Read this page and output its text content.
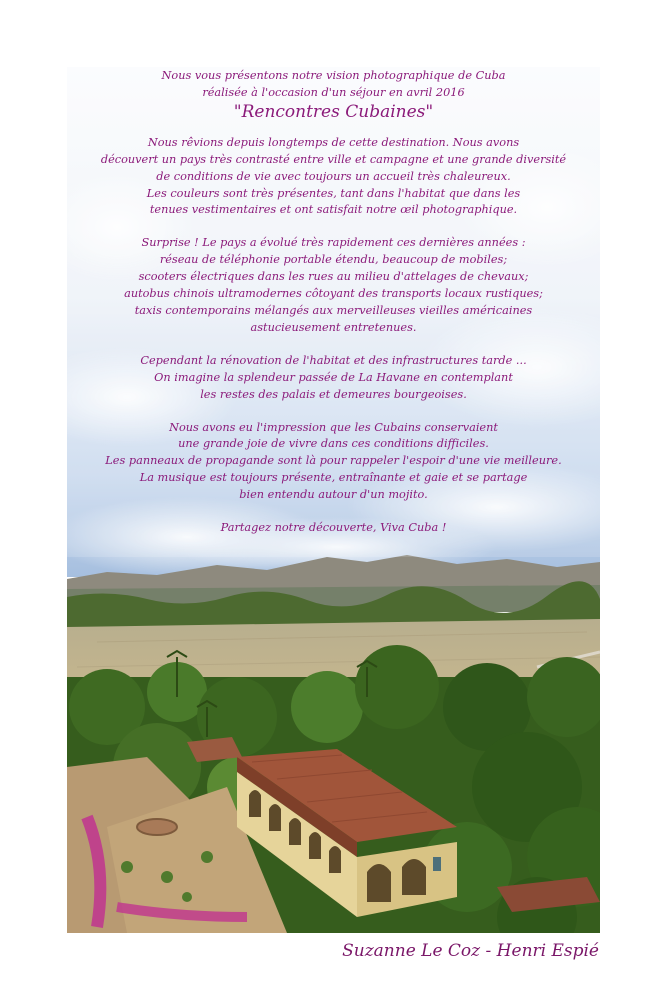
Nous vous présentons notre vision photographique de Cuba
réalisée à l'occasion d'un séjour en avril 2016
"Rencontres Cubaines"
Nous rêvions depuis longtemps de cette destination. Nous avons
découvert un pays très contrasté entre ville et campagne et une grande diversité
de conditions de vie avec toujours un accueil très chaleureux.
Les couleurs sont très présentes, tant dans l'habitat que dans les
tenues vestimentaires et ont satisfait notre œil photographique.
Surprise ! Le pays a évolué très rapidement ces dernières années :
réseau de téléphonie portable étendu, beaucoup de mobiles;
scooters électriques dans les rues au milieu d'attelages de chevaux;
autobus chinois ultramodernes côtoyant des transports locaux rustiques;
taxis contemporains mélangés aux merveilleuses vieilles américaines
astucieusement entretenues.
Cependant la rénovation de l'habitat et des infrastructures tarde ...
On imagine la splendeur passée de La Havane en contemplant
les restes des palais et demeures bourgeoises.
Nous avons eu l'impression que les Cubains conservaient
une grande joie de vivre dans ces conditions difficiles.
Les panneaux de propagande sont là pour rappeler l'espoir d'une vie meilleure.
La musique est toujours présente, entraînante et gaie et se partage
bien entendu autour d'un mojito.
Partagez notre découverte, Viva Cuba !
Suzanne Le Coz - Henri Espié
